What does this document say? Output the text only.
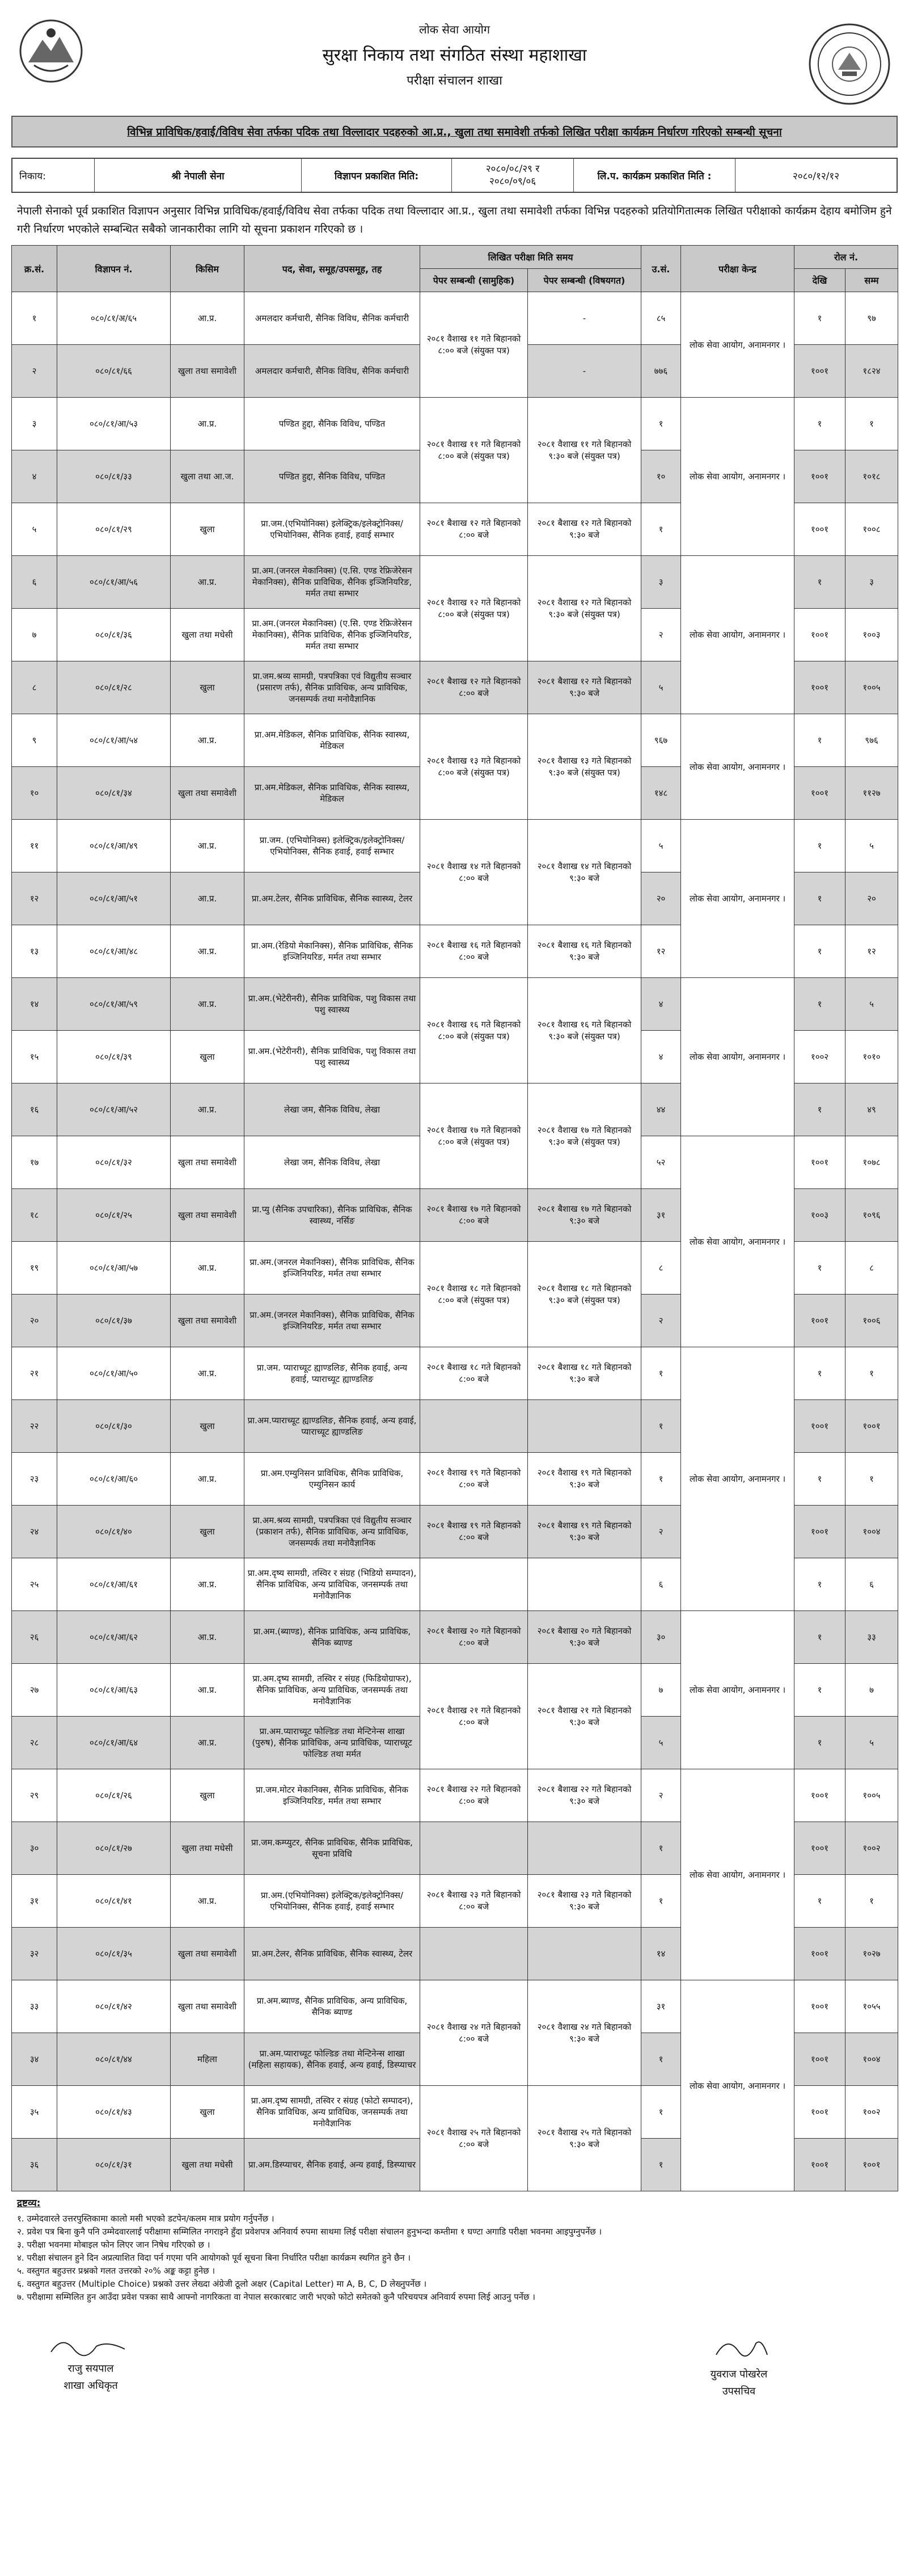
लोक सेवा आयोग
सुरक्षा निकाय तथा संगठित संस्था महाशाखा
परीक्षा संचालन शाखा
विभिन्न प्राविधिक/हवाई/विविध सेवा तर्फका पदिक तथा विल्लादार पदहरुको आ.प्र., खुला तथा समावेशी तर्फको लिखित परीक्षा कार्यक्रम निर्धारण गरिएको सम्बन्धी सूचना
निकाय:	श्री नेपाली सेना	विज्ञापन प्रकाशित मिति:
२०८०/०८/२९ र
२०८०/०९/०६	लि.प. कार्यक्रम प्रकाशित मिति :	२०८०/१२/१२
नेपाली सेनाको पूर्व प्रकाशित विज्ञापन अनुसार विभिन्न प्राविधिक/हवाई/विविध सेवा तर्फका पदिक तथा विल्लादार आ.प्र., खुला तथा समावेशी तर्फका विभिन्न पदहरुको प्रतियोगितात्मक लिखित परीक्षाको कार्यक्रम देहाय बमोजिम हुने गरी निर्धारण भएकोले सम्बन्धित सबैको जानकारीका लागि यो सूचना प्रकाशन गरिएको छ ।
क्र.सं.	विज्ञापन नं.	किसिम	पद, सेवा, समूह/उपसमूह, तह	लिखित परीक्षा मिति समय		उ.सं.	परीक्षा केन्द्र	रोल नं.	
				पेपर सम्बन्धी (सामुहिक)	पेपर सम्बन्धी (विषयगत)			देखि	सम्म
१	०८०/८१/अ/६५	आ.प्र.	अमलदार कर्मचारी, सैनिक विविध, सैनिक कर्मचारी	२०८१ वैशाख ११ गते बिहानको ८:०० बजे (संयुक्त पत्र)	-	८५	लोक सेवा आयोग, अनामनगर ।	१	९७
२	०८०/८१/६६	खुला तथा समावेशी	अमलदार कर्मचारी, सैनिक विविध, सैनिक कर्मचारी		-	७७६		१००१	१८२४
३	०८०/८१/आ/५३	आ.प्र.	पण्डित हुद्दा, सैनिक विविध, पण्डित	२०८१ वैशाख ११ गते बिहानको ८:०० बजे (संयुक्त पत्र)	२०८१ वैशाख ११ गते बिहानको ९:३० बजे (संयुक्त पत्र)	१	लोक सेवा आयोग, अनामनगर ।	१	१
४	०८०/८१/३३	खुला तथा आ.ज.	पण्डित हुद्दा, सैनिक विविध, पण्डित			१०		१००१	१०१८
५	०८०/८१/२९	खुला	प्रा.जम.(एभियोनिक्स) इलेक्ट्रिक/इलेक्ट्रोनिक्स/एभियोनिक्स, सैनिक हवाई, हवाई सम्भार	२०८१ बैशाख १२ गते बिहानको ८:०० बजे	२०८१ बैशाख १२ गते बिहानको ९:३० बजे	१		१००१	१००८
६	०८०/८१/आ/५६	आ.प्र.	प्रा.अम.(जनरल मेकानिक्स) (ए.सि. एण्ड रेफ्रिजेरेसन मेकानिक्स), सैनिक प्राविधिक, सैनिक इञ्जिनियरिङ, मर्मत तथा सम्भार	२०८१ वैशाख १२ गते बिहानको ८:०० बजे (संयुक्त पत्र)	२०८१ वैशाख १२ गते बिहानको ९:३० बजे (संयुक्त पत्र)	३	लोक सेवा आयोग, अनामनगर ।	१	३
७	०८०/८१/३६	खुला तथा मधेसी	प्रा.अम.(जनरल मेकानिक्स) (ए.सि. एण्ड रेफ्रिजेरेसन मेकानिक्स), सैनिक प्राविधिक, सैनिक इञ्जिनियरिङ, मर्मत तथा सम्भार			२		१००१	१००३
८	०८०/८१/२८	खुला	प्रा.जम.श्रव्य सामग्री, पत्रपत्रिका एवं विद्युतीय सञ्चार (प्रसारण तर्फ), सैनिक प्राविधिक, अन्य प्राविधिक, जनसम्पर्क तथा मनोवैज्ञानिक	२०८१ बैशाख १२ गते बिहानको ८:०० बजे	२०८१ बैशाख १२ गते बिहानको ९:३० बजे	५		१००१	१००५
९	०८०/८१/आ/५४	आ.प्र.	प्रा.अम.मेडिकल, सैनिक प्राविधिक, सैनिक स्वास्थ्य, मेडिकल	२०८१ वैशाख १३ गते बिहानको ८:०० बजे (संयुक्त पत्र)	२०८१ वैशाख १३ गते बिहानको ९:३० बजे (संयुक्त पत्र)	९६७	लोक सेवा आयोग, अनामनगर ।	१	९७६
१०	०८०/८१/३४	खुला तथा समावेशी	प्रा.अम.मेडिकल, सैनिक प्राविधिक, सैनिक स्वास्थ्य, मेडिकल			१४८		१००१	११२७
११	०८०/८१/आ/४९	आ.प्र.	प्रा.जम. (एभियोनिक्स) इलेक्ट्रिक/इलेक्ट्रोनिक्स/एभियोनिक्स, सैनिक हवाई, हवाई सम्भार	२०८१ वैशाख १४ गते बिहानको ८:०० बजे	२०८१ वैशाख १४ गते बिहानको ९:३० बजे	५	लोक सेवा आयोग, अनामनगर ।	१	५
१२	०८०/८१/आ/५१	आ.प्र.	प्रा.अम.टेलर, सैनिक प्राविधिक, सैनिक स्वास्थ्य, टेलर			२०		१	२०
१३	०८०/८१/आ/४८	आ.प्र.	प्रा.अम.(रेडियो मेकानिक्स), सैनिक प्राविधिक, सैनिक इञ्जिनियरिङ, मर्मत तथा सम्भार	२०८१ बैशाख १६ गते बिहानको ८:०० बजे	२०८१ बैशाख १६ गते बिहानको ९:३० बजे	१२		१	१२
१४	०८०/८१/आ/५९	आ.प्र.	प्रा.अम.(भेटेरीनरी), सैनिक प्राविधिक, पशु विकास तथा पशु स्वास्थ्य	२०८१ वैशाख १६ गते बिहानको ८:०० बजे (संयुक्त पत्र)	२०८१ वैशाख १६ गते बिहानको ९:३० बजे (संयुक्त पत्र)	४	लोक सेवा आयोग, अनामनगर ।	१	५
१५	०८०/८१/३९	खुला	प्रा.अम.(भेटेरीनरी), सैनिक प्राविधिक, पशु विकास तथा पशु स्वास्थ्य			४		१००२	१०१०
१६	०८०/८१/आ/५२	आ.प्र.	लेखा जम, सैनिक विविध, लेखा	२०८१ वैशाख १७ गते बिहानको ८:०० बजे (संयुक्त पत्र)	२०८१ वैशाख १७ गते बिहानको ९:३० बजे (संयुक्त पत्र)	४४		१	४९
१७	०८०/८१/३२	खुला तथा समावेशी	लेखा जम, सैनिक विविध, लेखा			५२	लोक सेवा आयोग, अनामनगर ।	१००१	१०७८
१८	०८०/८१/२५	खुला तथा समावेशी	प्रा.प्यु (सैनिक उपचारिका), सैनिक प्राविधिक, सैनिक स्वास्थ्य, नर्सिङ	२०८१ बैशाख १७ गते बिहानको ८:०० बजे	२०८१ बैशाख १७ गते बिहानको ९:३० बजे	३१		१००३	१०९६
१९	०८०/८१/आ/५७	आ.प्र.	प्रा.अम.(जनरल मेकानिक्स), सैनिक प्राविधिक, सैनिक इञ्जिनियरिङ, मर्मत तथा सम्भार	२०८१ वैशाख १८ गते बिहानको ८:०० बजे (संयुक्त पत्र)	२०८१ वैशाख १८ गते बिहानको ९:३० बजे (संयुक्त पत्र)	८		१	८
२०	०८०/८१/३७	खुला तथा समावेशी	प्रा.अम.(जनरल मेकानिक्स), सैनिक प्राविधिक, सैनिक इञ्जिनियरिङ, मर्मत तथा सम्भार			२		१००१	१००६
२१	०८०/८१/आ/५०	आ.प्र.	प्रा.जम. प्याराच्यूट ह्याण्डलिङ, सैनिक हवाई, अन्य हवाई, प्याराच्यूट ह्याण्डलिङ	२०८१ बैशाख १८ गते बिहानको ८:०० बजे	२०८१ बैशाख १८ गते बिहानको ९:३० बजे	१	लोक सेवा आयोग, अनामनगर ।	१	१
२२	०८०/८१/३०	खुला	प्रा.अम.प्याराच्यूट ह्याण्डलिङ, सैनिक हवाई, अन्य हवाई, प्याराच्यूट ह्याण्डलिङ			१		१००१	१००१
२३	०८०/८१/आ/६०	आ.प्र.	प्रा.अम.एम्युनिसन प्राविधिक, सैनिक प्राविधिक, एम्युनिसन कार्य	२०८१ वैशाख १९ गते बिहानको ८:०० बजे	२०८१ वैशाख १९ गते बिहानको ९:३० बजे	१		१	१
२४	०८०/८१/४०	खुला	प्रा.अम.श्रव्य सामग्री, पत्रपत्रिका एवं विद्युतीय सञ्चार (प्रकाशन तर्फ), सैनिक प्राविधिक, अन्य प्राविधिक, जनसम्पर्क तथा मनोवैज्ञानिक	२०८१ बैशाख १९ गते बिहानको ८:०० बजे	२०८१ बैशाख १९ गते बिहानको ९:३० बजे	२		१००१	१००४
२५	०८०/८१/आ/६१	आ.प्र.	प्रा.अम.दृष्य सामग्री, तस्विर र संग्रह (भिडियो सम्पादन), सैनिक प्राविधिक, अन्य प्राविधिक, जनसम्पर्क तथा मनोवैज्ञानिक			६		१	६
२६	०८०/८१/आ/६२	आ.प्र.	प्रा.अम.(ब्याण्ड), सैनिक प्राविधिक, अन्य प्राविधिक, सैनिक ब्याण्ड	२०८१ बैशाख २० गते बिहानको ८:०० बजे	२०८१ बैशाख २० गते बिहानको ९:३० बजे	३०	लोक सेवा आयोग, अनामनगर ।	१	३३
२७	०८०/८१/आ/६३	आ.प्र.	प्रा.अम.दृष्य सामग्री, तस्विर र संग्रह (फिडियोग्राफर), सैनिक प्राविधिक, अन्य प्राविधिक, जनसम्पर्क तथा मनोवैज्ञानिक	२०८१ वैशाख २१ गते बिहानको ८:०० बजे	२०८१ वैशाख २१ गते बिहानको ९:३० बजे	७		१	७
२८	०८०/८१/आ/६४	आ.प्र.	प्रा.अम.प्याराच्यूट फोल्डिङ तथा मेन्टिनेन्स शाखा (पुरुष), सैनिक प्राविधिक, अन्य प्राविधिक, प्याराच्यूट फोल्डिङ तथा मर्मत			५		१	५
२९	०८०/८१/२६	खुला	प्रा.जम.मोटर मेकानिक्स, सैनिक प्राविधिक, सैनिक इञ्जिनियरिङ, मर्मत तथा सम्भार	२०८१ बैशाख २२ गते बिहानको ८:०० बजे	२०८१ बैशाख २२ गते बिहानको ९:३० बजे	२	लोक सेवा आयोग, अनामनगर ।	१००१	१००५
३०	०८०/८१/२७	खुला तथा मधेसी	प्रा.जम.कम्प्युटर, सैनिक प्राविधिक, सैनिक प्राविधिक, सूचना प्रविधि			१		१००१	१००२
३१	०८०/८१/४१	आ.प्र.	प्रा.अम.(एभियोनिक्स) इलेक्ट्रिक/इलेक्ट्रोनिक्स/एभियोनिक्स, सैनिक हवाई, हवाई सम्भार	२०८१ बैशाख २३ गते बिहानको ८:०० बजे	२०८१ बैशाख २३ गते बिहानको ९:३० बजे	१		१	१
३२	०८०/८१/३५	खुला तथा समावेशी	प्रा.अम.टेलर, सैनिक प्राविधिक, सैनिक स्वास्थ्य, टेलर			१४		१००१	१०२७
३३	०८०/८१/४२	खुला तथा समावेशी	प्रा.अम.ब्याण्ड, सैनिक प्राविधिक, अन्य प्राविधिक, सैनिक ब्याण्ड	२०८१ वैशाख २४ गते बिहानको ८:०० बजे	२०८१ वैशाख २४ गते बिहानको ९:३० बजे	३१	लोक सेवा आयोग, अनामनगर ।	१००१	१०५५
३४	०८०/८१/४४	महिला	प्रा.अम.प्याराच्यूट फोल्डिङ तथा मेन्टिनेन्स शाखा (महिला सहायक), सैनिक हवाई, अन्य हवाई, डिस्प्याचर			१		१००१	१००४
३५	०८०/८१/४३	खुला	प्रा.अम.दृष्य सामग्री, तस्विर र संग्रह (फोटो सम्पादन), सैनिक प्राविधिक, अन्य प्राविधिक, जनसम्पर्क तथा मनोवैज्ञानिक	२०८१ वैशाख २५ गते बिहानको ८:०० बजे	२०८१ वैशाख २५ गते बिहानको ९:३० बजे	१		१००१	१००२
३६	०८०/८१/३१	खुला तथा मधेसी	प्रा.अम.डिस्प्याचर, सैनिक हवाई, अन्य हवाई, डिस्प्याचर			१		१००१	१००१
द्रष्टव्य:
१. उम्मेदवारले उत्तरपुस्तिकामा कालो मसी भएको डटपेन/कलम मात्र प्रयोग गर्नुपर्नेछ ।
२. प्रवेश पत्र बिना कुनै पनि उम्मेदवारलाई परीक्षामा सम्मिलित नगराइने हुँदा प्रवेशपत्र अनिवार्य रुपमा साथमा लिई परीक्षा संचालन हुनुभन्दा कम्तीमा १ घण्टा अगाडि परीक्षा भवनमा आइपुग्नुपर्नेछ ।
३. परीक्षा भवनमा मोबाइल फोन लिएर जान निषेध गरिएको छ ।
४. परीक्षा संचालन हुने दिन अप्रत्याशित विदा पर्न गएमा पनि आयोगको पूर्व सूचना बिना निर्धारित परीक्षा कार्यक्रम स्थगित हुने छैन ।
५. वस्तुगत बहुउत्तर प्रश्नको गलत उत्तरको २०% अङ्क कट्टा हुनेछ ।
६. वस्तुगत बहुउत्तर (Multiple Choice) प्रश्नको उत्तर लेख्दा अंग्रेजी ठूलो अक्षर (Capital Letter) मा A, B, C, D लेख्नुपर्नेछ ।
७. परीक्षामा सम्मिलित हुन आउँदा प्रवेश पत्रका साथै आफ्नो नागरिकता वा नेपाल सरकारबाट जारी भएको फोटो समेतको कुनै परिचयपत्र अनिवार्य रुपमा लिई आउनु पर्नेछ ।
राजु सयपाल
शाखा अधिकृत
युवराज पोखरेल
उपसचिव
